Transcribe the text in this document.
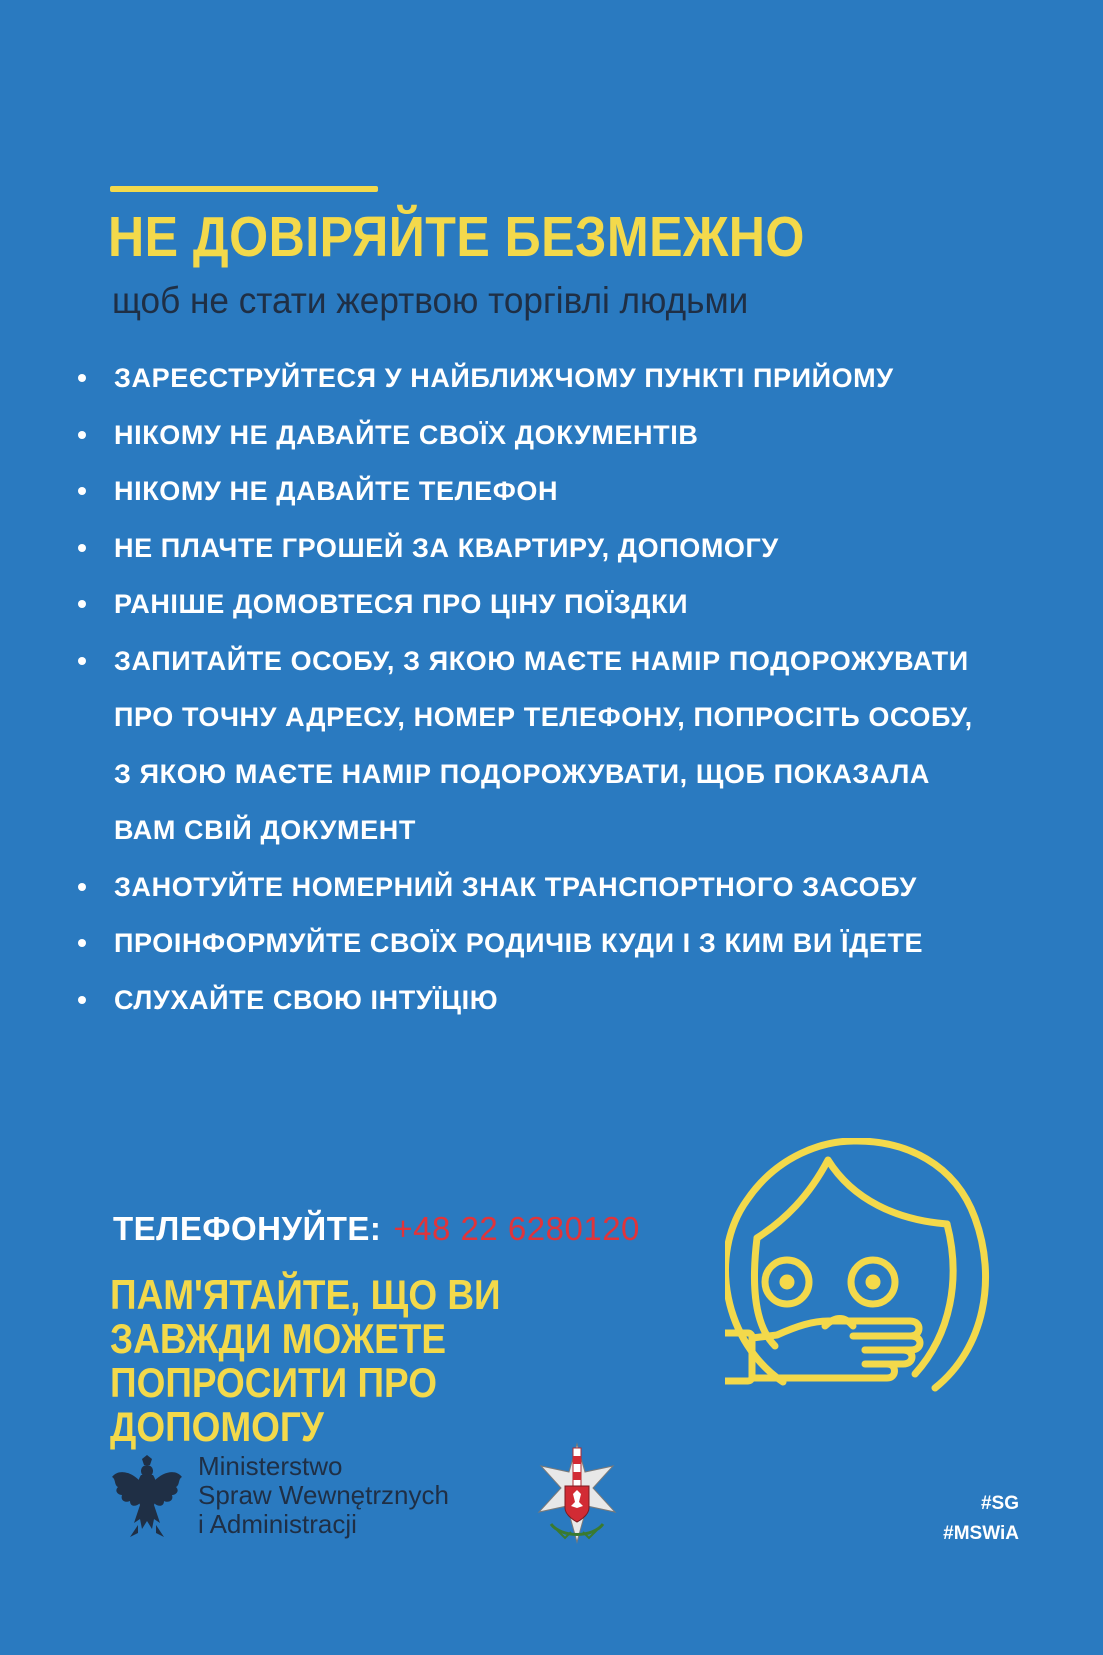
НЕ ДОВІРЯЙТЕ БЕЗМЕЖНО

щоб не стати жертвою торгівлі людьми

ЗАРЕЄСТРУЙТЕСЯ У НАЙБЛИЖЧОМУ ПУНКТІ ПРИЙОМУ
НІКОМУ НЕ ДАВАЙТЕ СВОЇХ ДОКУМЕНТІВ
НІКОМУ НЕ ДАВАЙТЕ ТЕЛЕФОН
НЕ ПЛАЧТЕ ГРОШЕЙ ЗА КВАРТИРУ, ДОПОМОГУ
РАНІШЕ ДОМОВТЕСЯ ПРО ЦІНУ ПОЇЗДКИ
ЗАПИТАЙТЕ ОСОБУ, З ЯКОЮ МАЄТЕ НАМІР ПОДОРОЖУВАТИ ПРО ТОЧНУ АДРЕСУ, НОМЕР ТЕЛЕФОНУ, ПОПРОСІТЬ ОСОБУ, З ЯКОЮ МАЄТЕ НАМІР ПОДОРОЖУВАТИ, ЩОБ ПОКАЗАЛА ВАМ СВІЙ ДОКУМЕНТ
ЗАНОТУЙТЕ НОМЕРНИЙ ЗНАК ТРАНСПОРТНОГО ЗАСОБУ
ПРОІНФОРМУЙТЕ СВОЇХ РОДИЧІВ КУДИ І З КИМ ВИ ЇДЕТЕ
СЛУХАЙТЕ СВОЮ ІНТУЇЦІЮ
ТЕЛЕФОНУЙТЕ: +48 22 6280120
ПАМ'ЯТАЙТЕ, ЩО ВИ ЗАВЖДИ МОЖЕТЕ ПОПРОСИТИ ПРО ДОПОМОГУ
Ministerstwo
Spraw Wewnętrznych
i Administracji
#SG
#MSWiA
